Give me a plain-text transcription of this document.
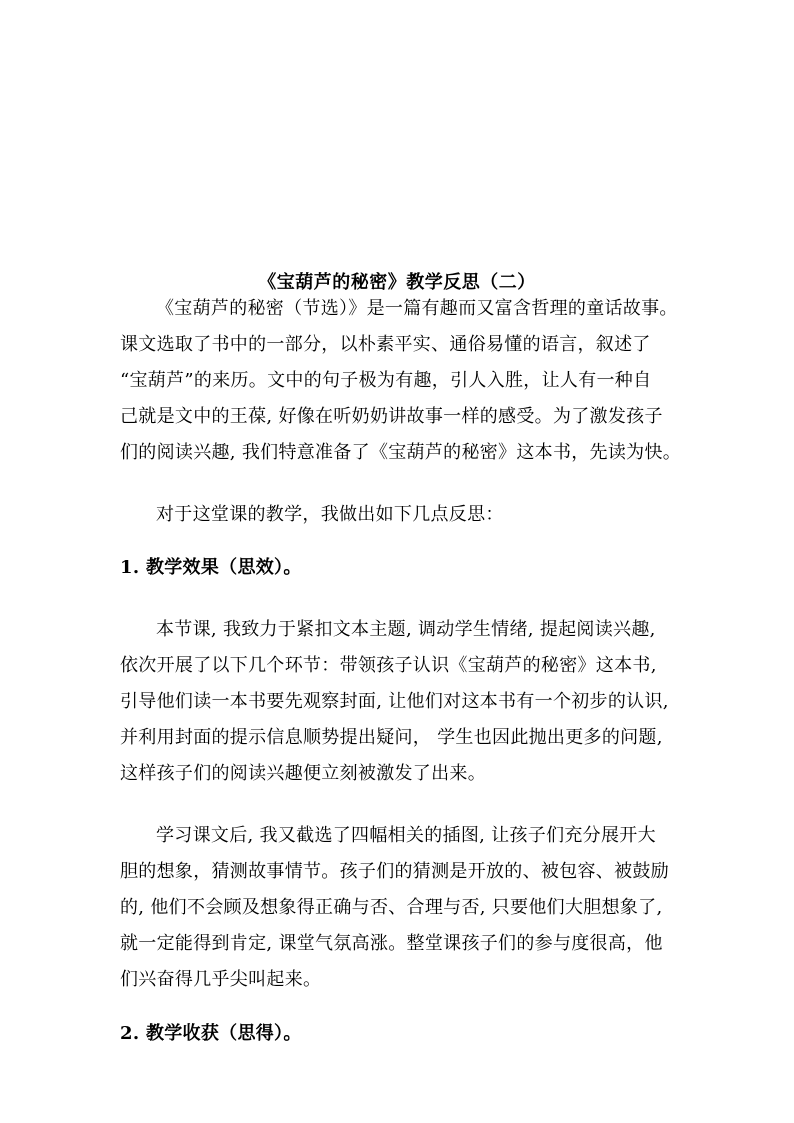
《宝葫芦的秘密》教学反思（二）
《宝葫芦的秘密（节选）》是一篇有趣而又富含哲理的童话故事。
课文选取了书中的一部分，以朴素平实、通俗易懂的语言，叙述了
“宝葫芦”的来历。文中的句子极为有趣，引人入胜，让人有一种自
己就是文中的王葆, 好像在听奶奶讲故事一样的感受。为了激发孩子
们的阅读兴趣, 我们特意准备了《宝葫芦的秘密》这本书，先读为快。
对于这堂课的教学，我做出如下几点反思：
1. 教学效果（思效）。
本节课, 我致力于紧扣文本主题, 调动学生情绪, 提起阅读兴趣,
依次开展了以下几个环节：带领孩子认识《宝葫芦的秘密》这本书,
引导他们读一本书要先观察封面, 让他们对这本书有一个初步的认识,
并利用封面的提示信息顺势提出疑问， 学生也因此抛出更多的问题,
这样孩子们的阅读兴趣便立刻被激发了出来。
学习课文后, 我又截选了四幅相关的插图, 让孩子们充分展开大
胆的想象，猜测故事情节。孩子们的猜测是开放的、被包容、被鼓励
的, 他们不会顾及想象得正确与否、合理与否, 只要他们大胆想象了,
就一定能得到肯定, 课堂气氛高涨。整堂课孩子们的参与度很高，他
们兴奋得几乎尖叫起来。
2. 教学收获（思得）。
